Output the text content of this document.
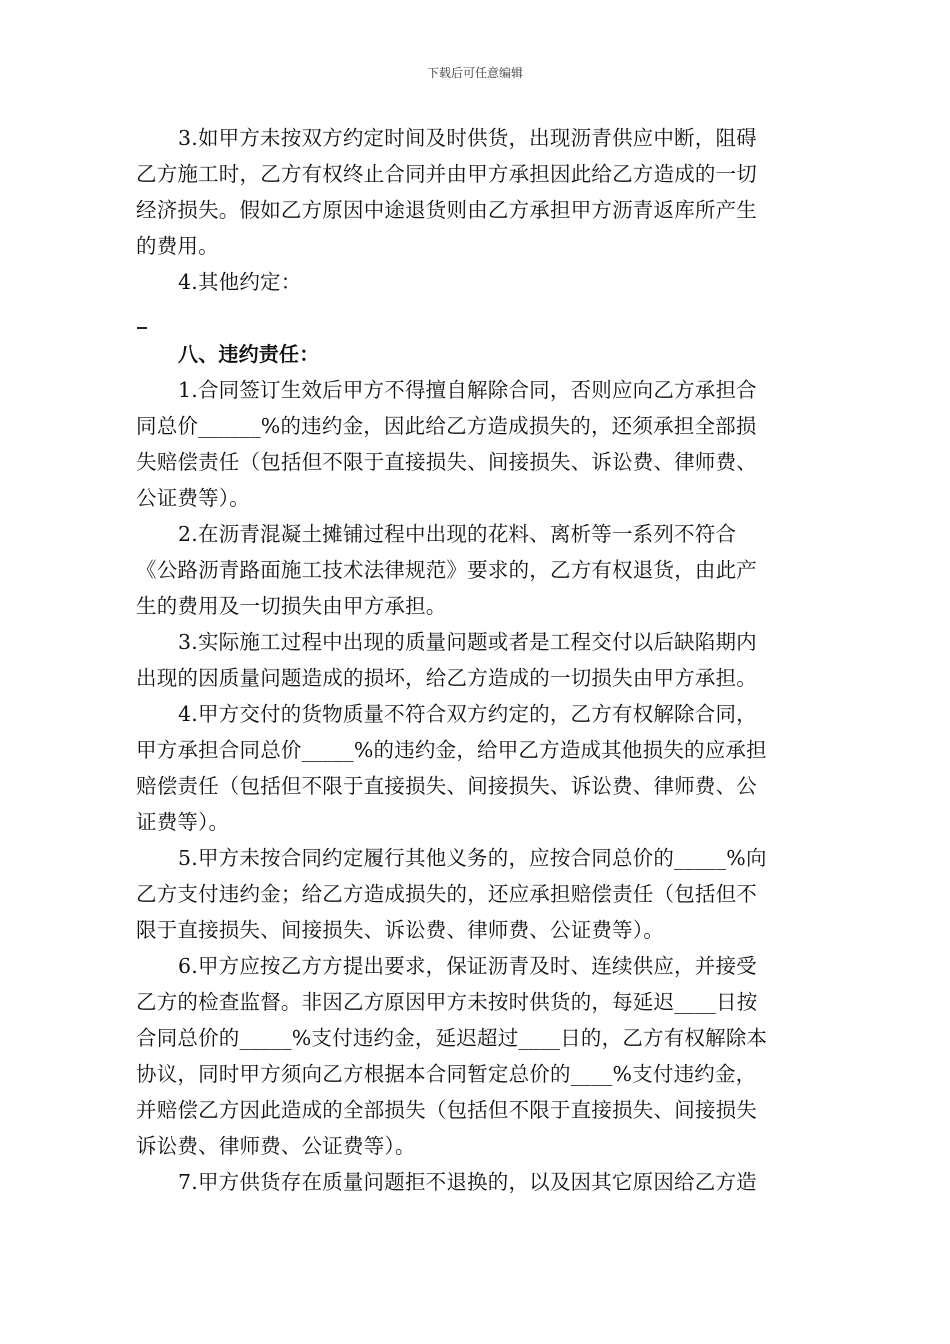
下载后可任意编辑
3.如甲方未按双方约定时间及时供货，出现沥青供应中断，阻碍
乙方施工时，乙方有权终止合同并由甲方承担因此给乙方造成的一切
经济损失。假如乙方原因中途退货则由乙方承担甲方沥青返库所产生
的费用。
4.其他约定：
八、违约责任：
1.合同签订生效后甲方不得擅自解除合同，否则应向乙方承担合
同总价______%的违约金，因此给乙方造成损失的，还须承担全部损
失赔偿责任（包括但不限于直接损失、间接损失、诉讼费、律师费、
公证费等）。
2.在沥青混凝土摊铺过程中出现的花料、离析等一系列不符合
《公路沥青路面施工技术法律规范》要求的，乙方有权退货，由此产
生的费用及一切损失由甲方承担。
3.实际施工过程中出现的质量问题或者是工程交付以后缺陷期内
出现的因质量问题造成的损坏，给乙方造成的一切损失由甲方承担。
4.甲方交付的货物质量不符合双方约定的，乙方有权解除合同，
甲方承担合同总价_____%的违约金，给甲乙方造成其他损失的应承担
赔偿责任（包括但不限于直接损失、间接损失、诉讼费、律师费、公
证费等）。
5.甲方未按合同约定履行其他义务的，应按合同总价的_____%向
乙方支付违约金；给乙方造成损失的，还应承担赔偿责任（包括但不
限于直接损失、间接损失、诉讼费、律师费、公证费等）。
6.甲方应按乙方方提出要求，保证沥青及时、连续供应，并接受
乙方的检查监督。非因乙方原因甲方未按时供货的，每延迟____日按
合同总价的_____%支付违约金，延迟超过____日的，乙方有权解除本
协议，同时甲方须向乙方根据本合同暂定总价的____%支付违约金，
并赔偿乙方因此造成的全部损失（包括但不限于直接损失、间接损失
诉讼费、律师费、公证费等）。
7.甲方供货存在质量问题拒不退换的，以及因其它原因给乙方造
